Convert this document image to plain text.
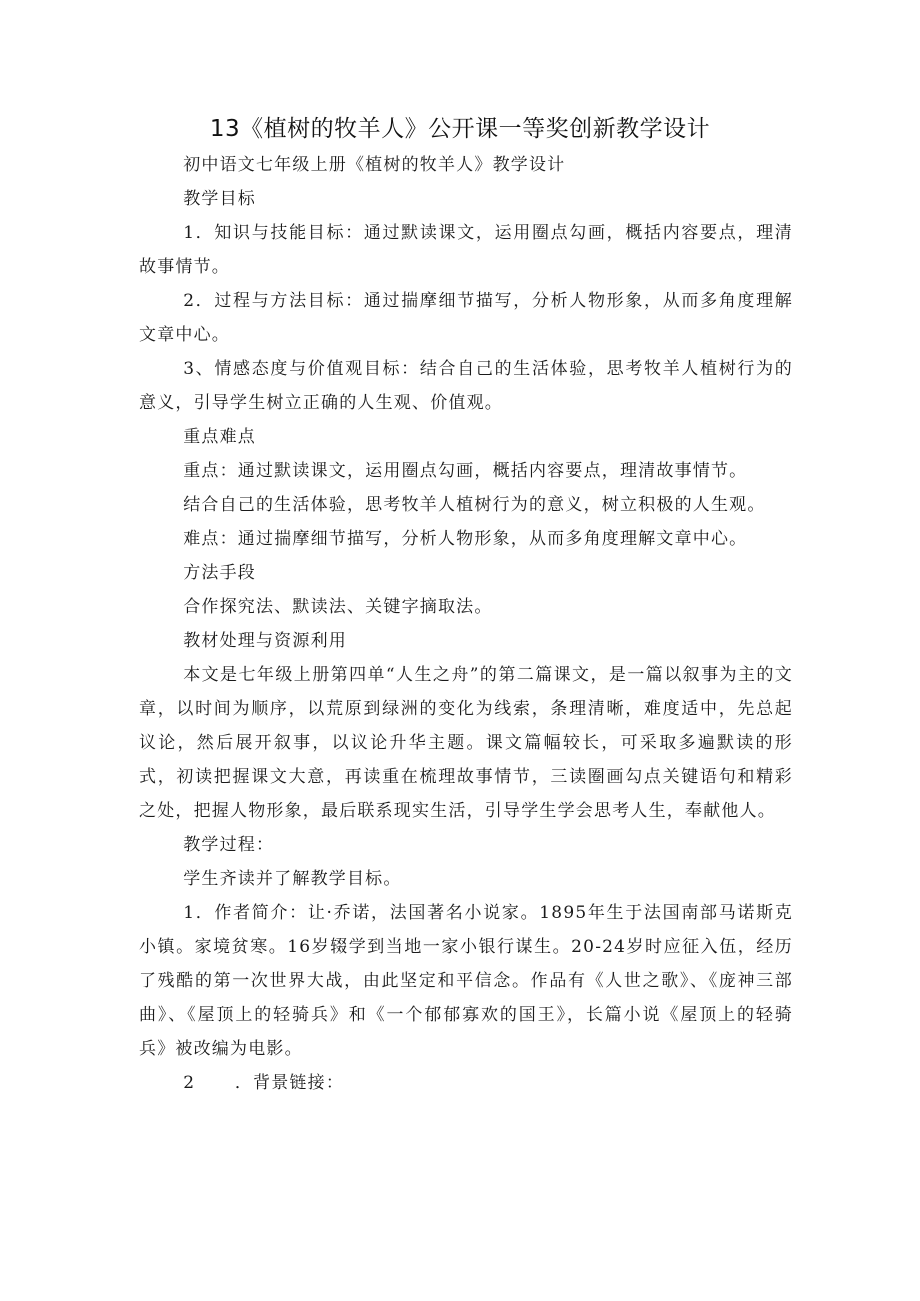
13《植树的牧羊人》公开课一等奖创新教学设计

初中语文七年级上册《植树的牧羊人》教学设计

教学目标

1．知识与技能目标：通过默读课文，运用圈点勾画，概括内容要点，理清故事情节。

2．过程与方法目标：通过揣摩细节描写，分析人物形象，从而多角度理解文章中心。

3、情感态度与价值观目标：结合自己的生活体验，思考牧羊人植树行为的意义，引导学生树立正确的人生观、价值观。

重点难点

重点：通过默读课文，运用圈点勾画，概括内容要点，理清故事情节。

结合自己的生活体验，思考牧羊人植树行为的意义，树立积极的人生观。

难点：通过揣摩细节描写，分析人物形象，从而多角度理解文章中心。

方法手段

合作探究法、默读法、关键字摘取法。

教材处理与资源利用

本文是七年级上册第四单“人生之舟”的第二篇课文，是一篇以叙事为主的文章，以时间为顺序，以荒原到绿洲的变化为线索，条理清晰，难度适中，先总起议论，然后展开叙事，以议论升华主题。课文篇幅较长，可采取多遍默读的形式，初读把握课文大意，再读重在梳理故事情节，三读圈画勾点关键语句和精彩之处，把握人物形象，最后联系现实生活，引导学生学会思考人生，奉献他人。

教学过程：

学生齐读并了解教学目标。

1．作者简介：让·乔诺，法国著名小说家。1895年生于法国南部马诺斯克小镇。家境贫寒。16岁辍学到当地一家小银行谋生。20-24岁时应征入伍，经历了残酷的第一次世界大战，由此坚定和平信念。作品有《人世之歌》、《庞神三部曲》、《屋顶上的轻骑兵》和《一个郁郁寡欢的国王》，长篇小说《屋顶上的轻骑兵》被改编为电影。

2      ．背景链接：
